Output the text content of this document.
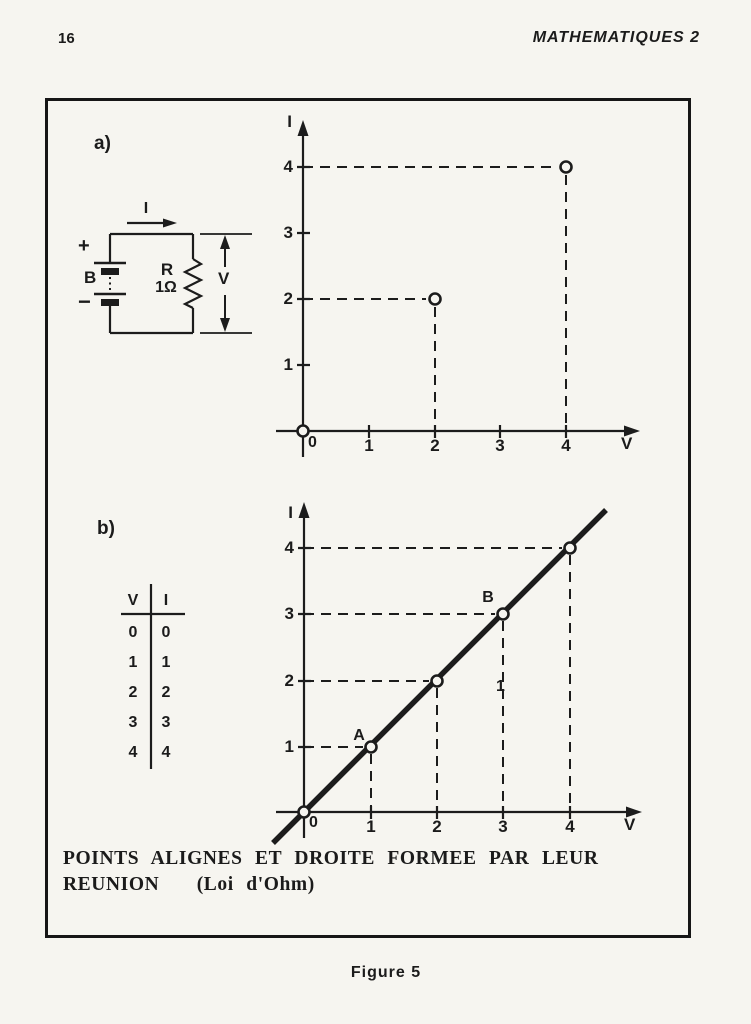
16	MATHEMATIQUES 2
a)
I
+
B
−
R
1Ω V
I
V
0	1	2	3	4
4
3
2
1
b)
V I
0 0
1 1
2 2
3 3
4 4
I
V
0	1	2	3	4
4
3
2
1
A
B
1
POINTS ALIGNES ET DROITE FORMEE PAR LEUR
REUNION   (Loi d'Ohm)
Figure 5
